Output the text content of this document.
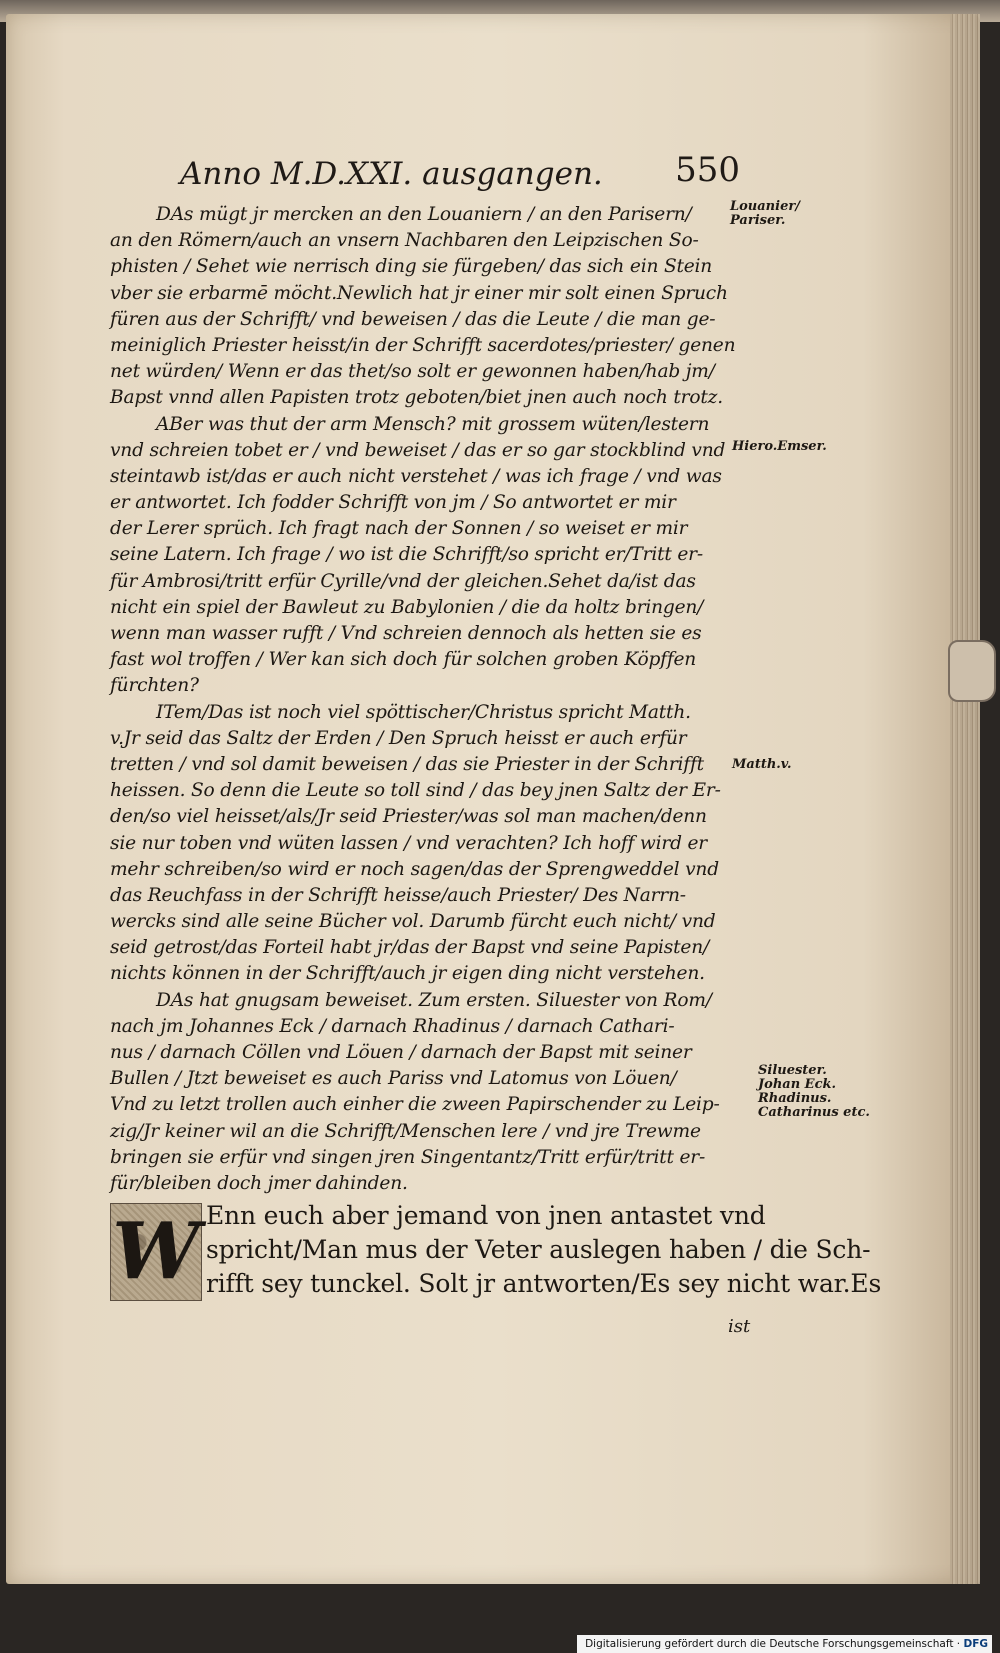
Anno M.D.XXI. ausgangen. 550
DAs mügt jr mercken an den Louaniern / an den Parisern/
an den Römern/auch an vnsern Nachbaren den Leipzischen So-
phisten / Sehet wie nerrisch ding sie fürgeben/ das sich ein Stein
vber sie erbarmē möcht.Newlich hat jr einer mir solt einen Spruch
füren aus der Schrifft/ vnd beweisen / das die Leute / die man ge-
meiniglich Priester heisst/in der Schrifft sacerdotes/priester/ genen
net würden/ Wenn er das thet/so solt er gewonnen haben/hab jm/
Bapst vnnd allen Papisten trotz geboten/biet jnen auch noch trotz.
ABer was thut der arm Mensch? mit grossem wüten/lestern
vnd schreien tobet er / vnd beweiset / das er so gar stockblind vnd
steintawb ist/das er auch nicht verstehet / was ich frage / vnd was
er antwortet. Ich fodder Schrifft von jm / So antwortet er mir
der Lerer sprüch. Ich fragt nach der Sonnen / so weiset er mir
seine Latern. Ich frage / wo ist die Schrifft/so spricht er/Tritt er-
für Ambrosi/tritt erfür Cyrille/vnd der gleichen.Sehet da/ist das
nicht ein spiel der Bawleut zu Babylonien / die da holtz bringen/
wenn man wasser rufft / Vnd schreien dennoch als hetten sie es
fast wol troffen / Wer kan sich doch für solchen groben Köpffen
fürchten?
ITem/Das ist noch viel spöttischer/Christus spricht Matth.
v.Jr seid das Saltz der Erden / Den Spruch heisst er auch erfür
tretten / vnd sol damit beweisen / das sie Priester in der Schrifft
heissen. So denn die Leute so toll sind / das bey jnen Saltz der Er-
den/so viel heisset/als/Jr seid Priester/was sol man machen/denn
sie nur toben vnd wüten lassen / vnd verachten? Ich hoff wird er
mehr schreiben/so wird er noch sagen/das der Sprengweddel vnd
das Reuchfass in der Schrifft heisse/auch Priester/ Des Narrn-
wercks sind alle seine Bücher vol. Darumb fürcht euch nicht/ vnd
seid getrost/das Forteil habt jr/das der Bapst vnd seine Papisten/
nichts können in der Schrifft/auch jr eigen ding nicht verstehen.
DAs hat gnugsam beweiset. Zum ersten. Siluester von Rom/
nach jm Johannes Eck / darnach Rhadinus / darnach Cathari-
nus / darnach Cöllen vnd Löuen / darnach der Bapst mit seiner
Bullen / Jtzt beweiset es auch Pariss vnd Latomus von Löuen/
Vnd zu letzt trollen auch einher die zween Papirschender zu Leip-
zig/Jr keiner wil an die Schrifft/Menschen lere / vnd jre Trewme
bringen sie erfür vnd singen jren Singentantz/Tritt erfür/tritt er-
für/bleiben doch jmer dahinden.
W Enn euch aber jemand von jnen antastet vnd
spricht/Man mus der Veter auslegen haben / die Sch-
rifft sey tunckel. Solt jr antworten/Es sey nicht war.Es
ist
Louanier/
Pariser.
Hiero.Emser.
Matth.v.
Siluester.
Johan Eck.
Rhadinus.
Catharinus etc.
Digitalisierung gefördert durch die Deutsche Forschungsgemeinschaft · DFG
